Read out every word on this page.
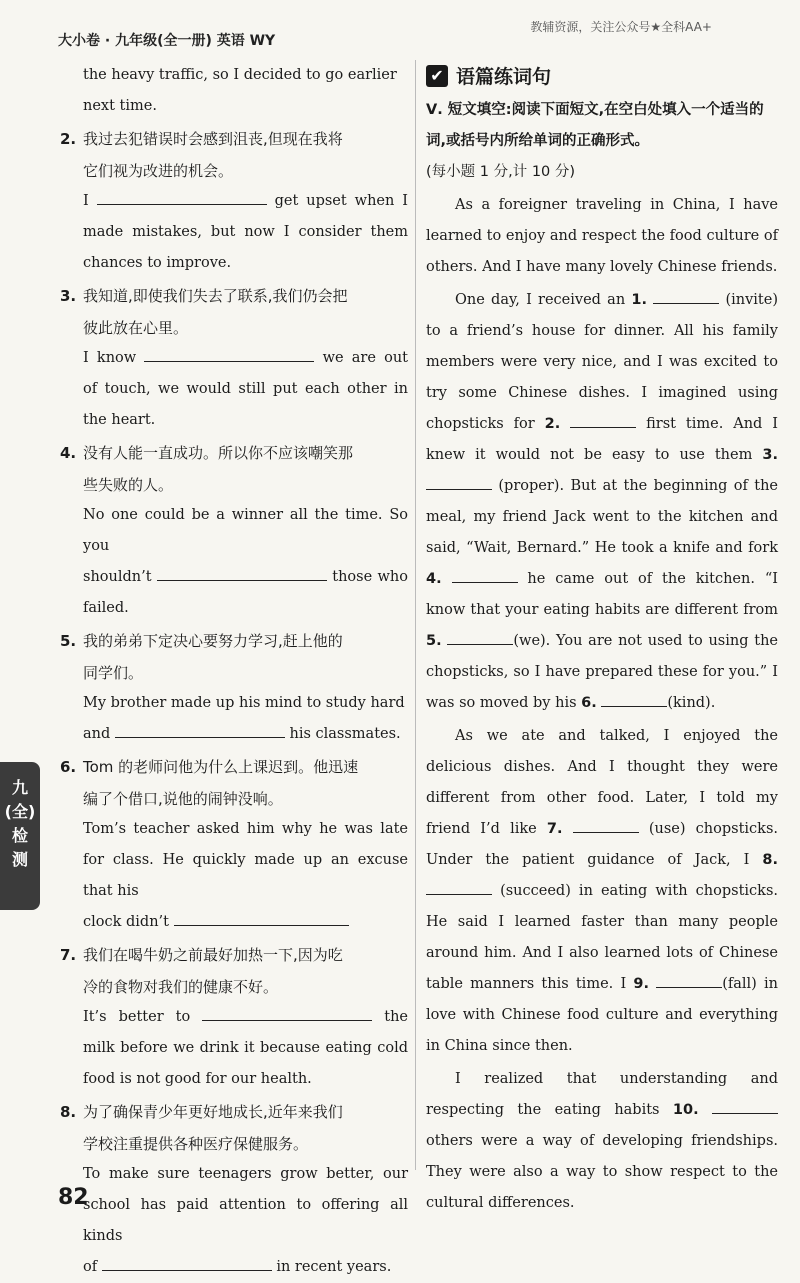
大小卷 · 九年级(全一册) 英语 WY
教辅资源，关注公众号★全科AA+
the heavy traffic, so I decided to go earlier
next time.
2. 我过去犯错误时会感到沮丧,但现在我将
它们视为改进的机会。
I	get upset when I made mistakes, but now I consider them chances to improve.
3. 我知道,即使我们失去了联系,我们仍会把
彼此放在心里。
I know	we are out of touch, we would still put each other in the heart.
4. 没有人能一直成功。所以你不应该嘲笑那
些失败的人。
No one could be a winner all the time. So you
shouldn’t	those who failed.
5. 我的弟弟下定决心要努力学习,赶上他的
同学们。
My brother made up his mind to study hard
and	his classmates.
6. Tom 的老师问他为什么上课迟到。他迅速
编了个借口,说他的闹钟没响。
Tom’s teacher asked him why he was late for class. He quickly made up an excuse that his
clock didn’t
7. 我们在喝牛奶之前最好加热一下,因为吃
冷的食物对我们的健康不好。
It’s better to	the milk before we drink it because eating cold food is not good for our health.
8. 为了确保青少年更好地成长,近年来我们
学校注重提供各种医疗保健服务。
To make sure teenagers grow better, our school has paid attention to offering all kinds
of	in recent years.
✔ 语篇练词句
Ⅴ. 短文填空:阅读下面短文,在空白处填入一个适当的词,或括号内所给单词的正确形式。
(每小题 1 分,计 10 分)
As a foreigner traveling in China, I have learned to enjoy and respect the food culture of others. And I have many lovely Chinese friends.
One day, I received an 1.	(invite) to a friend’s house for dinner. All his family members were very nice, and I was excited to try some Chinese dishes. I imagined using chopsticks for 2.	first time. And I knew it would not be easy to use them 3.  (proper). But at the beginning of the meal, my friend Jack went to the kitchen and said, “Wait, Bernard.” He took a knife and fork 4.	he came out of the kitchen. “I know that your eating habits are different from 5.	(we). You are not used to using the chopsticks, so I have prepared these for you.” I was so moved by his 6.	(kind).
As we ate and talked, I enjoyed the delicious dishes. And I thought they were different from other food. Later, I told my friend I’d like 7.	(use) chopsticks. Under the patient guidance of Jack, I 8.  (succeed) in eating with chopsticks. He said I learned faster than many people around him. And I also learned lots of Chinese table manners this time. I 9.	(fall) in love with Chinese food culture and everything in China since then.
I realized that understanding and respecting the eating habits 10.  others were a way of developing friendships. They were also a way to show respect to the cultural differences.
九
(全)
检
测
82
